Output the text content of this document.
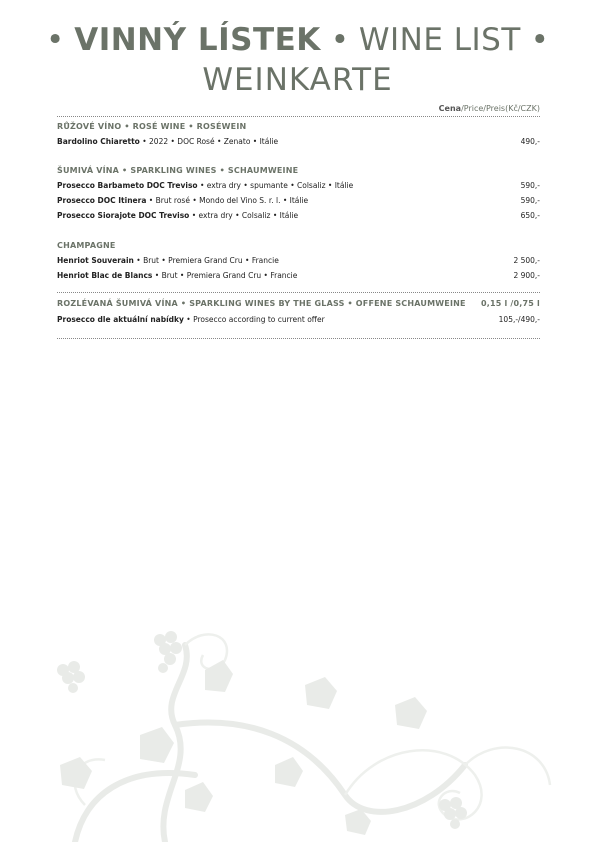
• VINNÝ LÍSTEK • WINE LIST •
WEINKARTE
Cena/Price/Preis(Kč/CZK)
RŮŽOVÉ VÍNO • ROSÉ WINE • ROSÉWEIN
Bardolino Chiaretto • 2022 • DOC Rosé • Zenato • Itálie	490,-
ŠUMIVÁ VÍNA • SPARKLING WINES • SCHAUMWEINE
Prosecco Barbameto DOC Treviso • extra dry • spumante • Colsaliz • Itálie	590,-
Prosecco DOC Itinera • Brut rosé • Mondo del Vino S. r. l. • Itálie	590,-
Prosecco Siorajote DOC Treviso • extra dry • Colsaliz • Itálie	650,-
CHAMPAGNE
Henriot Souverain • Brut • Premiera Grand Cru • Francie	2 500,-
Henriot Blac de Blancs • Brut • Premiera Grand Cru • Francie	2 900,-
ROZLÉVANÁ ŠUMIVÁ VÍNA • SPARKLING WINES BY THE GLASS • OFFENE SCHAUMWEINE 0,15 l /0,75 l
Prosecco dle aktuální nabídky • Prosecco according to current offer	105,-/490,-
